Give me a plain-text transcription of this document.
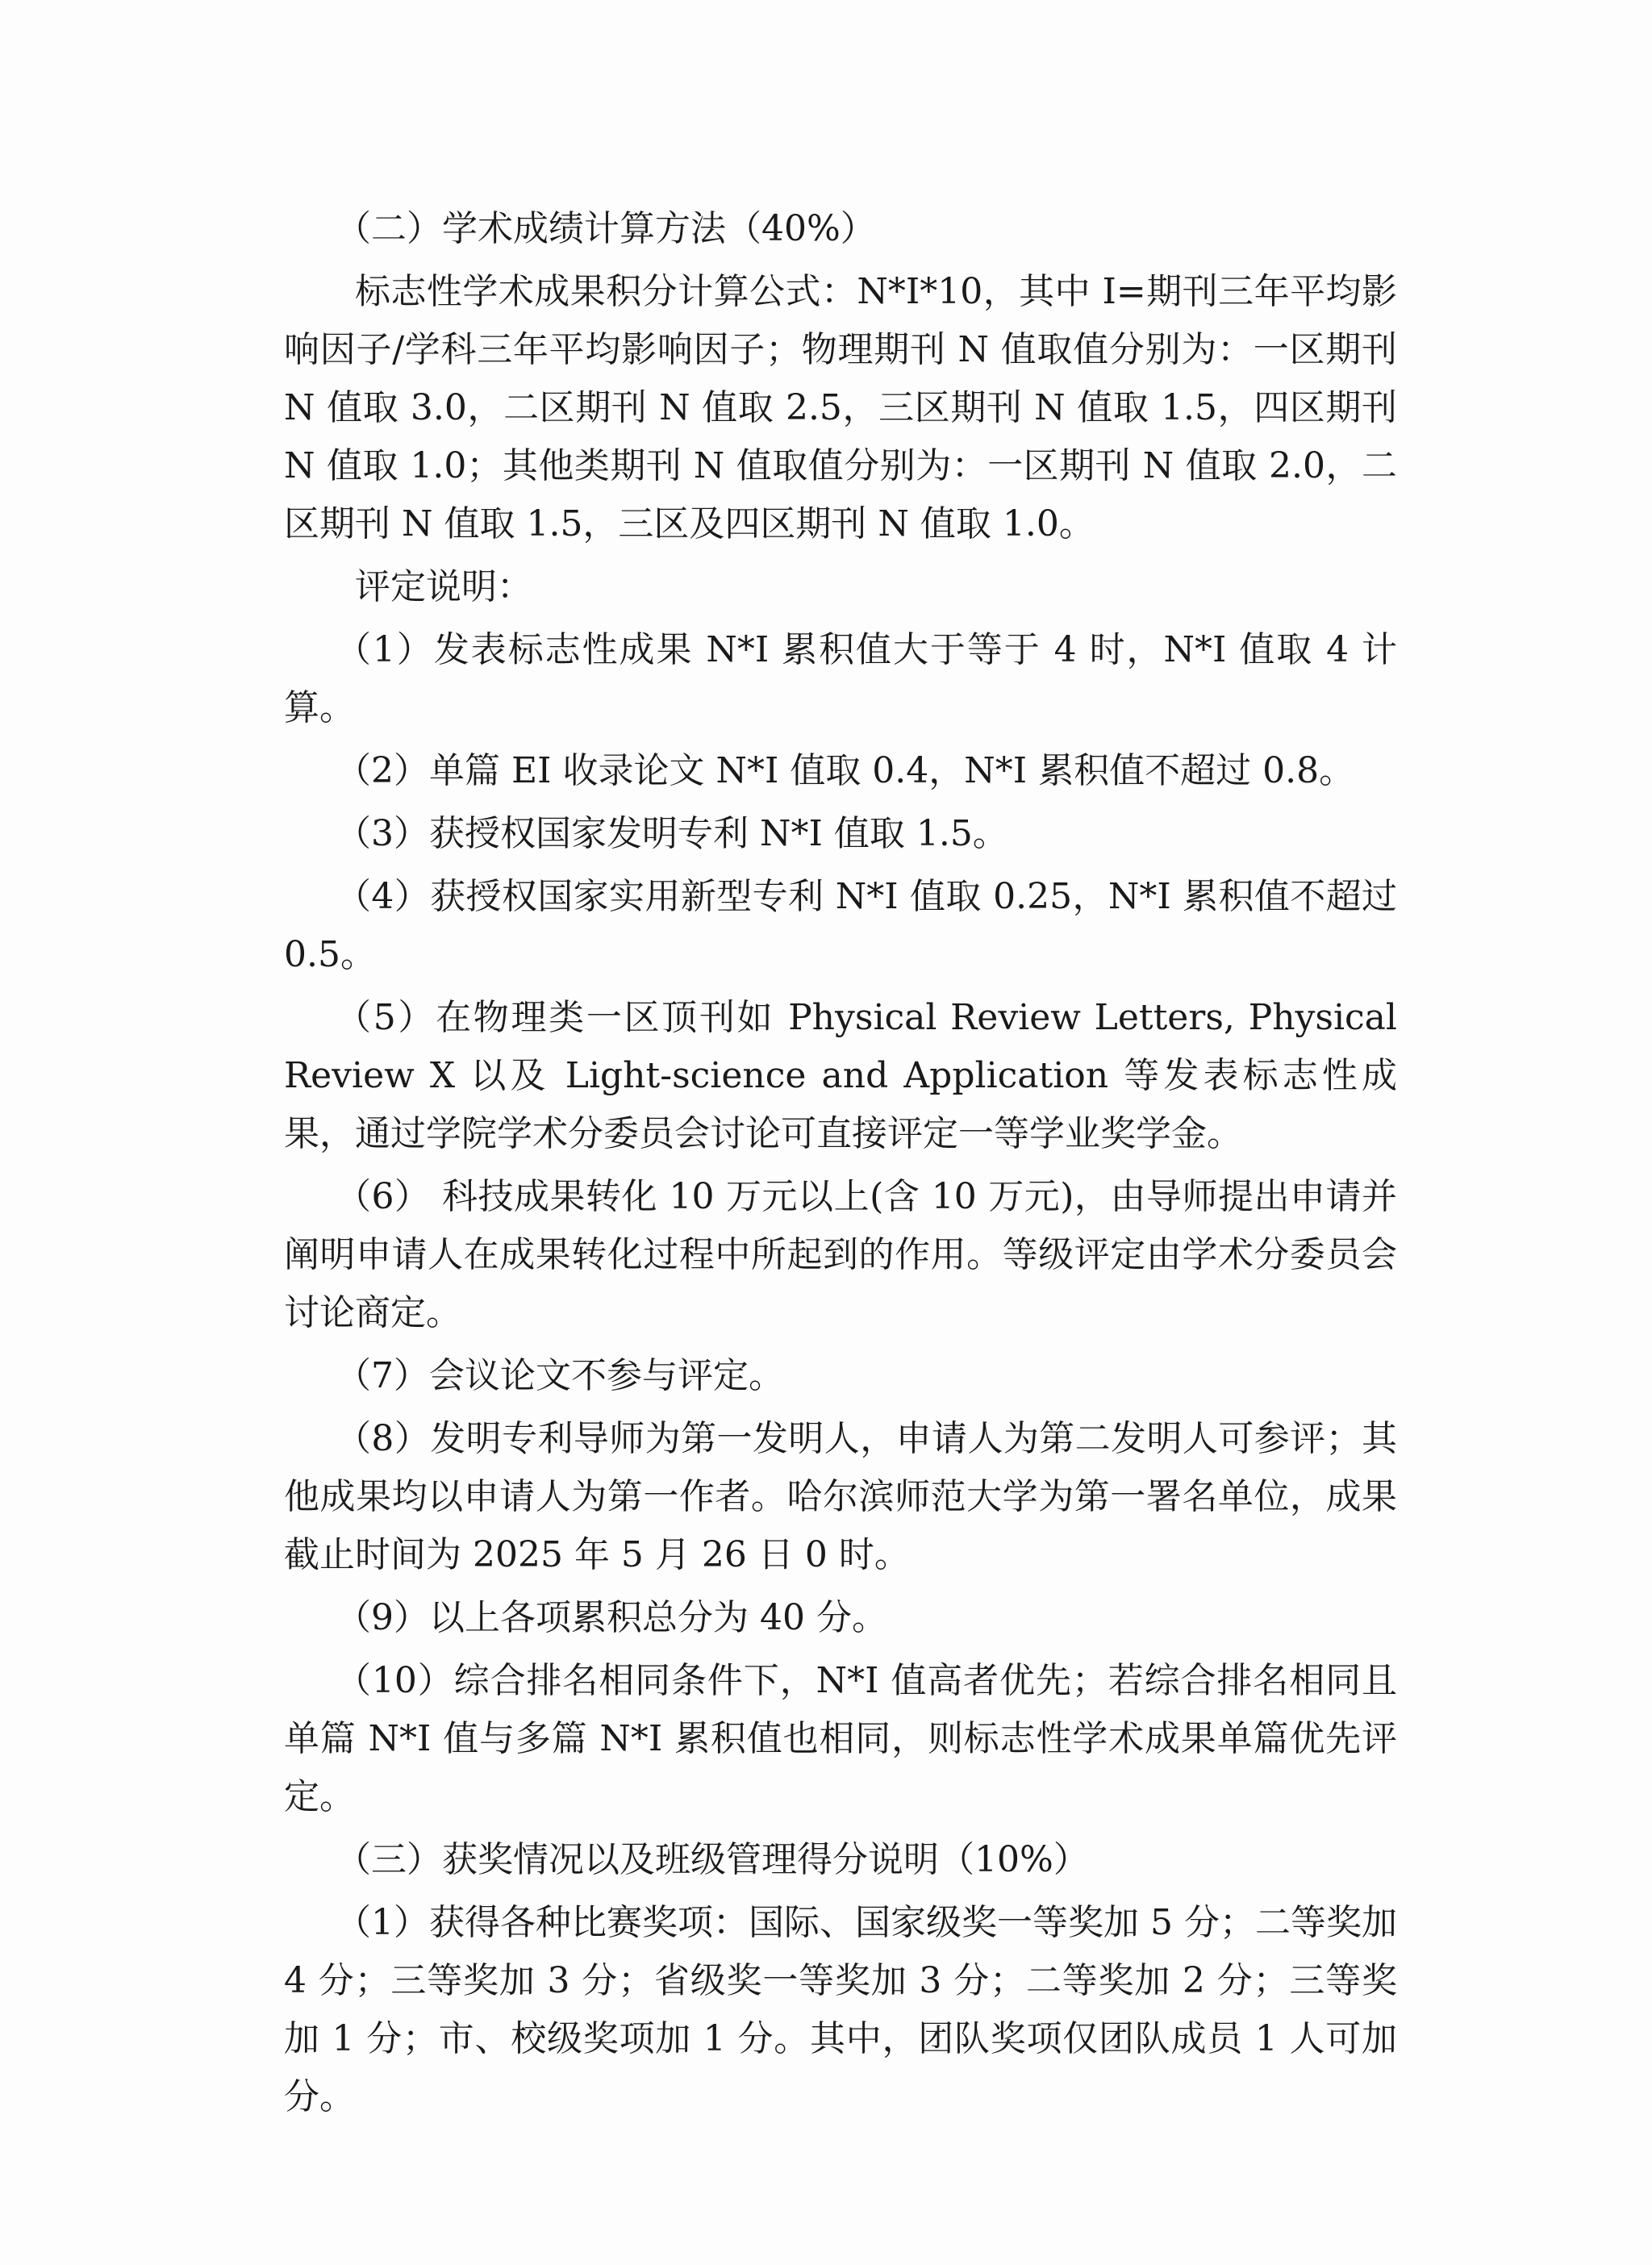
（二）学术成绩计算方法（40%）

标志性学术成果积分计算公式：N*I*10，其中 I=期刊三年平均影响因子/学科三年平均影响因子；物理期刊 N 值取值分别为：一区期刊 N 值取 3.0，二区期刊 N 值取 2.5，三区期刊 N 值取 1.5，四区期刊 N 值取 1.0；其他类期刊 N 值取值分别为：一区期刊 N 值取 2.0，二区期刊 N 值取 1.5，三区及四区期刊 N 值取 1.0。

评定说明：

（1）发表标志性成果 N*I 累积值大于等于 4 时，N*I 值取 4 计算。

（2）单篇 EI 收录论文 N*I 值取 0.4，N*I 累积值不超过 0.8。

（3）获授权国家发明专利 N*I 值取 1.5。

（4）获授权国家实用新型专利 N*I 值取 0.25，N*I 累积值不超过 0.5。

（5）在物理类一区顶刊如 Physical Review Letters, Physical Review X 以及 Light-science and Application 等发表标志性成果，通过学院学术分委员会讨论可直接评定一等学业奖学金。

（6） 科技成果转化 10 万元以上(含 10 万元)，由导师提出申请并阐明申请人在成果转化过程中所起到的作用。等级评定由学术分委员会讨论商定。

（7）会议论文不参与评定。

（8）发明专利导师为第一发明人，申请人为第二发明人可参评；其他成果均以申请人为第一作者。哈尔滨师范大学为第一署名单位，成果截止时间为 2025 年 5 月 26 日 0 时。

（9）以上各项累积总分为 40 分。

（10）综合排名相同条件下，N*I 值高者优先；若综合排名相同且单篇 N*I 值与多篇 N*I 累积值也相同，则标志性学术成果单篇优先评定。

（三）获奖情况以及班级管理得分说明（10%）

（1）获得各种比赛奖项：国际、国家级奖一等奖加 5 分；二等奖加 4 分；三等奖加 3 分；省级奖一等奖加 3 分；二等奖加 2 分；三等奖加 1 分；市、校级奖项加 1 分。其中，团队奖项仅团队成员 1 人可加分。
